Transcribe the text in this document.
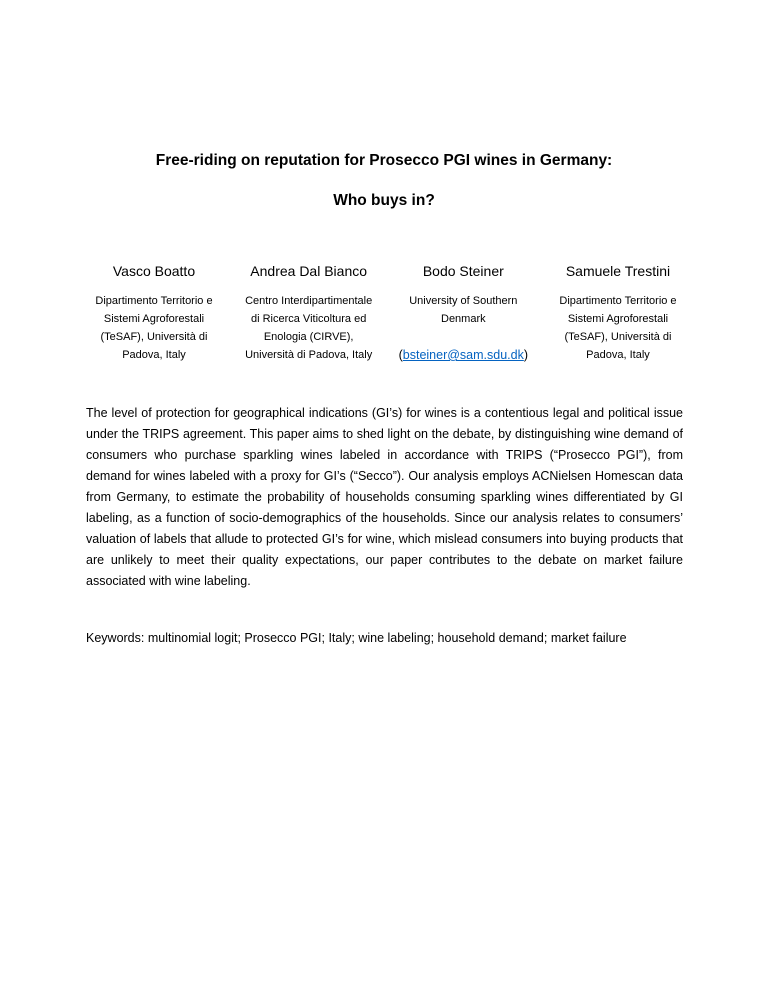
Free-riding on reputation for Prosecco PGI wines in Germany:

Who buys in?

Vasco Boatto
Dipartimento Territorio e Sistemi Agroforestali (TeSAF), Università di Padova, Italy
Andrea Dal Bianco
Centro Interdipartimentale di Ricerca Viticoltura ed Enologia (CIRVE), Università di Padova, Italy
Bodo Steiner
University of Southern Denmark
(bsteiner@sam.sdu.dk)
Samuele Trestini
Dipartimento Territorio e Sistemi Agroforestali (TeSAF), Università di Padova, Italy

The level of protection for geographical indications (GI’s) for wines is a contentious legal and political issue under the TRIPS agreement. This paper aims to shed light on the debate, by distinguishing wine demand of consumers who purchase sparkling wines labeled in accordance with TRIPS (“Prosecco PGI”), from demand for wines labeled with a proxy for GI’s (“Secco”). Our analysis employs ACNielsen Homescan data from Germany, to estimate the probability of households consuming sparkling wines differentiated by GI labeling, as a function of socio-demographics of the households. Since our analysis relates to consumers’ valuation of labels that allude to protected GI’s for wine, which mislead consumers into buying products that are unlikely to meet their quality expectations, our paper contributes to the debate on market failure associated with wine labeling.

Keywords: multinomial logit; Prosecco PGI; Italy; wine labeling; household demand; market failure
